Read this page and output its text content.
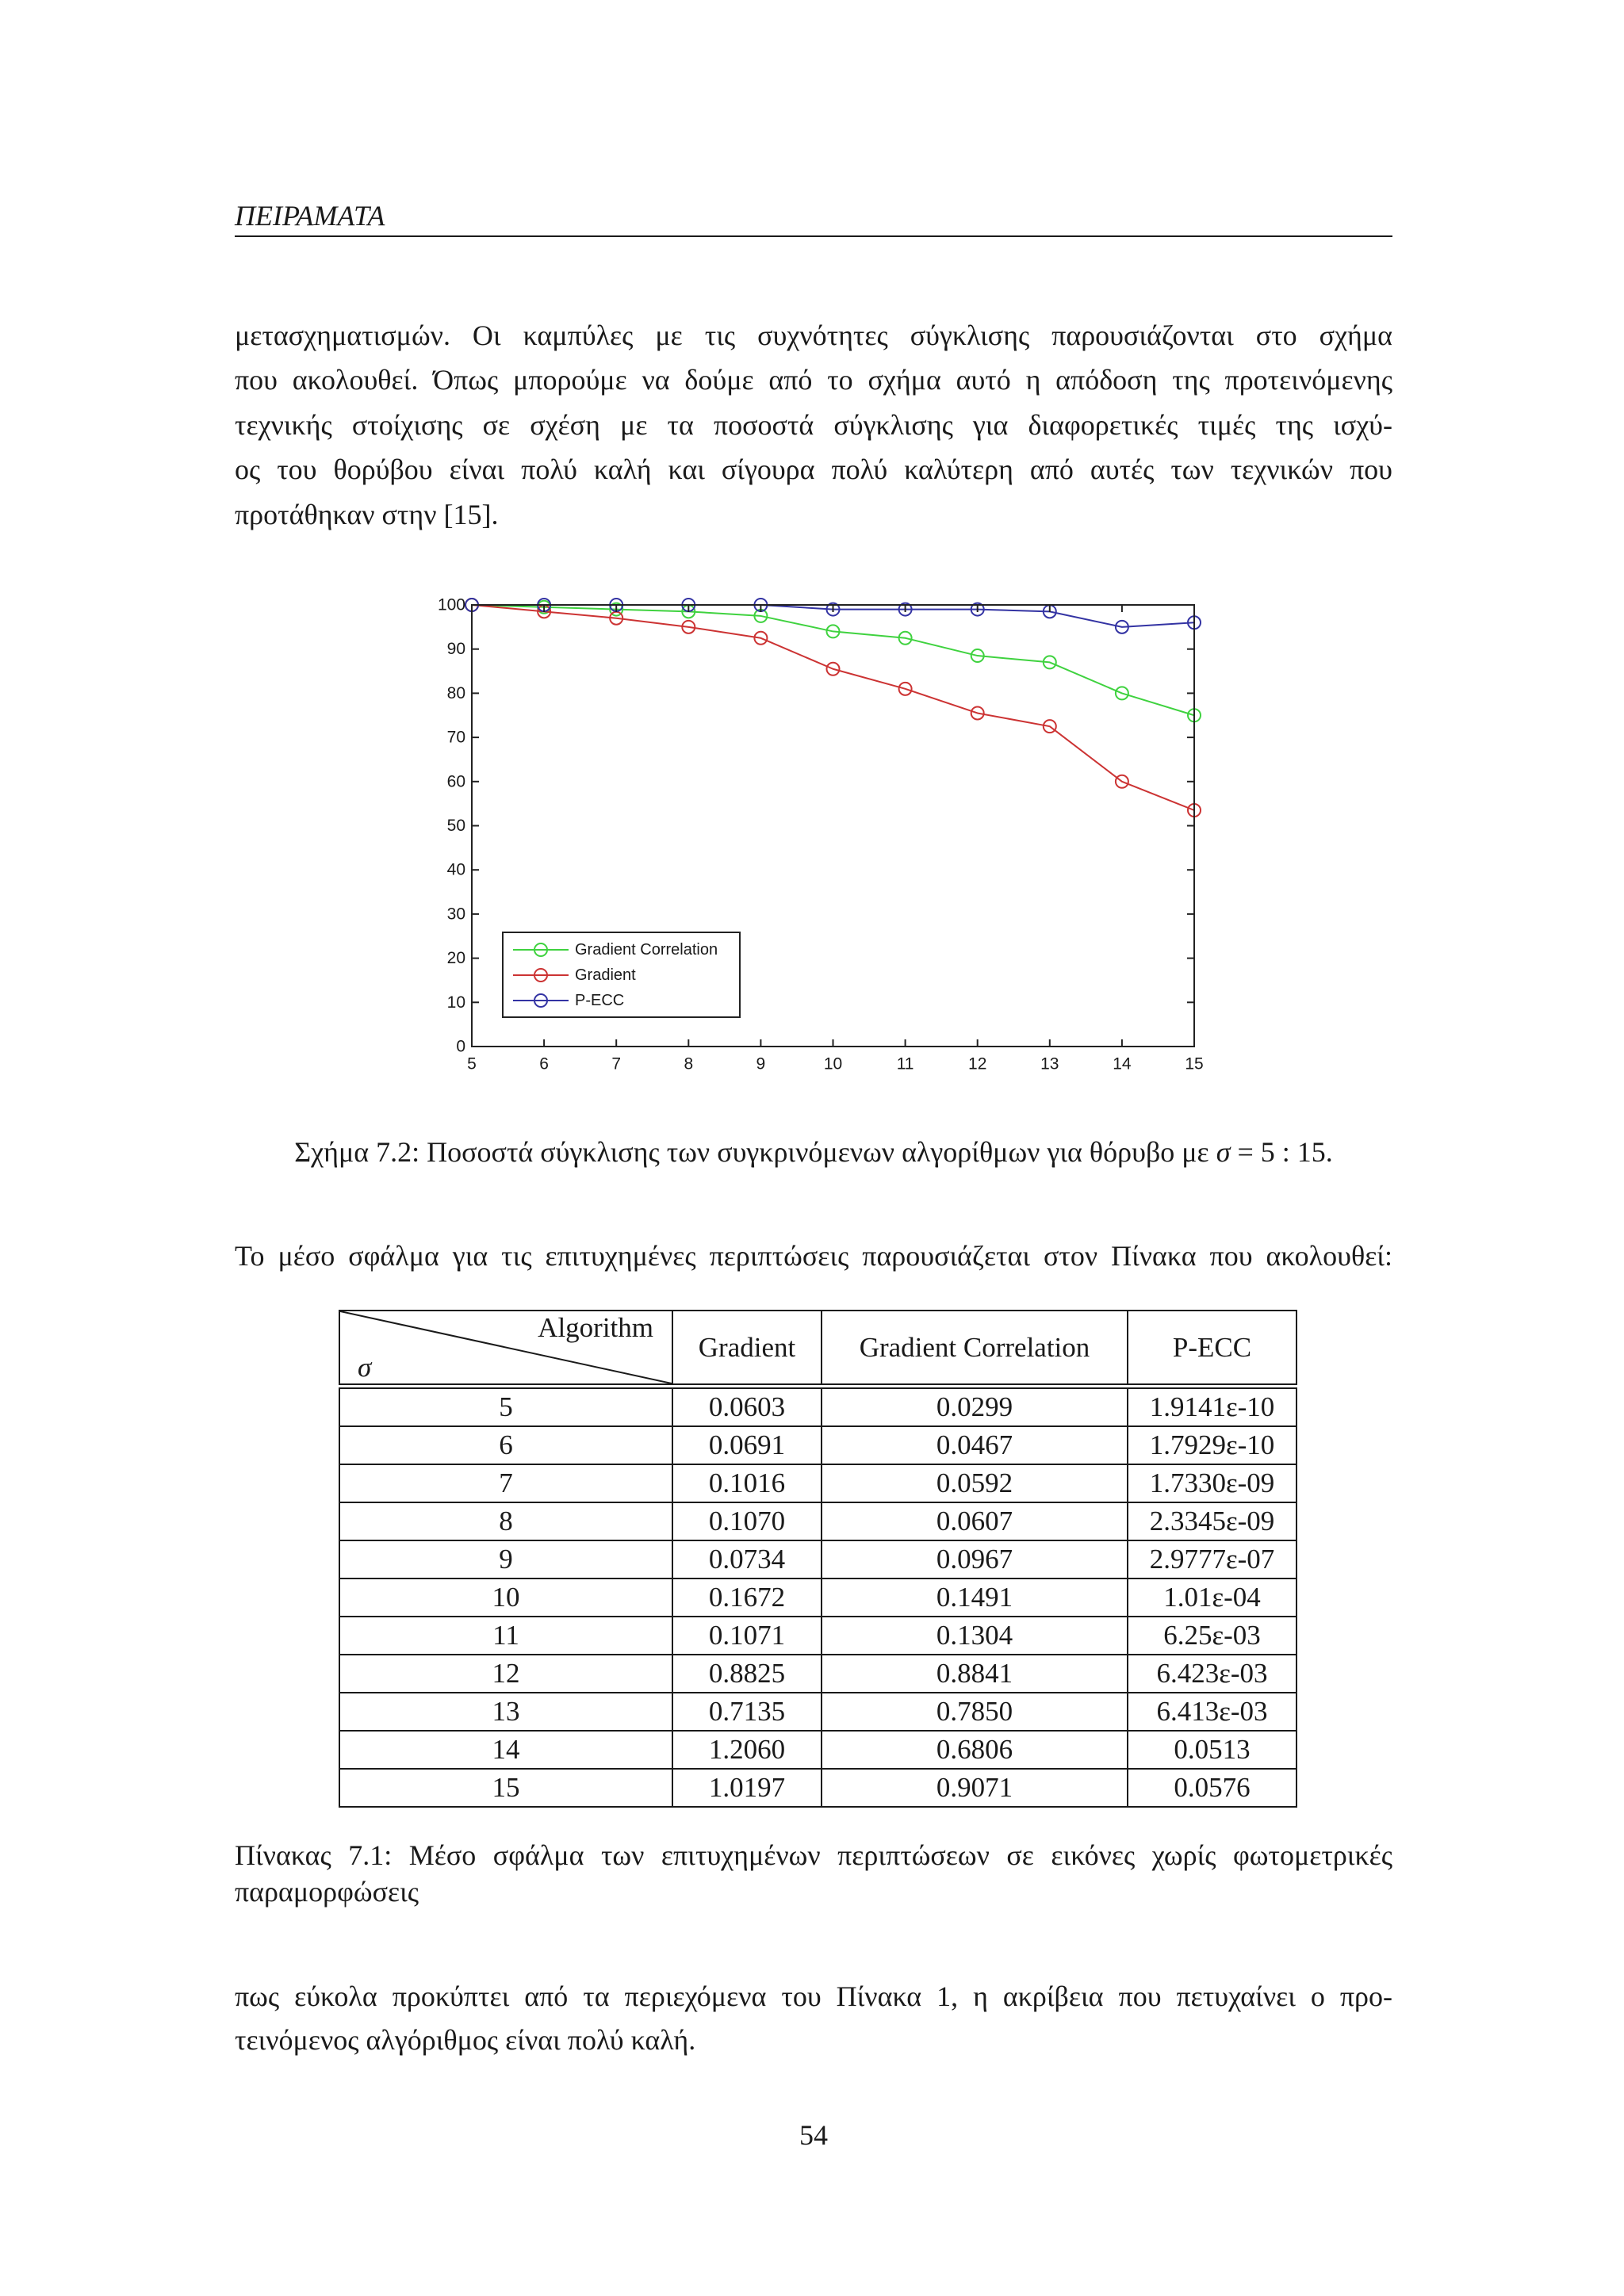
ΠΕΙΡΑΜΑΤΑ
μετασχηματισμών. Οι καμπύλες με τις συχνότητες σύγκλισης παρουσιάζονται στο σχήμα
που ακολουθεί. Όπως μπορούμε να δούμε από το σχήμα αυτό η απόδοση της προτεινόμενης
τεχνικής στοίχισης σε σχέση με τα ποσοστά σύγκλισης για διαφορετικές τιμές της ισχύ-
ος του θορύβου είναι πολύ καλή και σίγουρα πολύ καλύτερη από αυτές των τεχνικών που
προτάθηκαν στην [15].
0
10
20
30
40
50
60
70
80
90
100
5	6	7	8	9	10	11	12	13	14	15
Gradient Correlation
Gradient
P-ECC
Σχήμα 7.2: Ποσοστά σύγκλισης των συγκρινόμενων αλγορίθμων για θόρυβο με σ = 5 : 15.
Το μέσο σφάλμα για τις επιτυχημένες περιπτώσεις παρουσιάζεται στον Πίνακα που ακολουθεί:
Algorithm
σ	Gradient	Gradient Correlation	P-ECC
5	0.0603	0.0299	1.9141ε-10
6	0.0691	0.0467	1.7929ε-10
7	0.1016	0.0592	1.7330ε-09
8	0.1070	0.0607	2.3345ε-09
9	0.0734	0.0967	2.9777ε-07
10	0.1672	0.1491	1.01ε-04
11	0.1071	0.1304	6.25ε-03
12	0.8825	0.8841	6.423ε-03
13	0.7135	0.7850	6.413ε-03
14	1.2060	0.6806	0.0513
15	1.0197	0.9071	0.0576
Πίνακας 7.1: Μέσο σφάλμα των επιτυχημένων περιπτώσεων σε εικόνες χωρίς φωτομετρικές
παραμορφώσεις
πως εύκολα προκύπτει από τα περιεχόμενα του Πίνακα 1, η ακρίβεια που πετυχαίνει ο προ-
τεινόμενος αλγόριθμος είναι πολύ καλή.
54
